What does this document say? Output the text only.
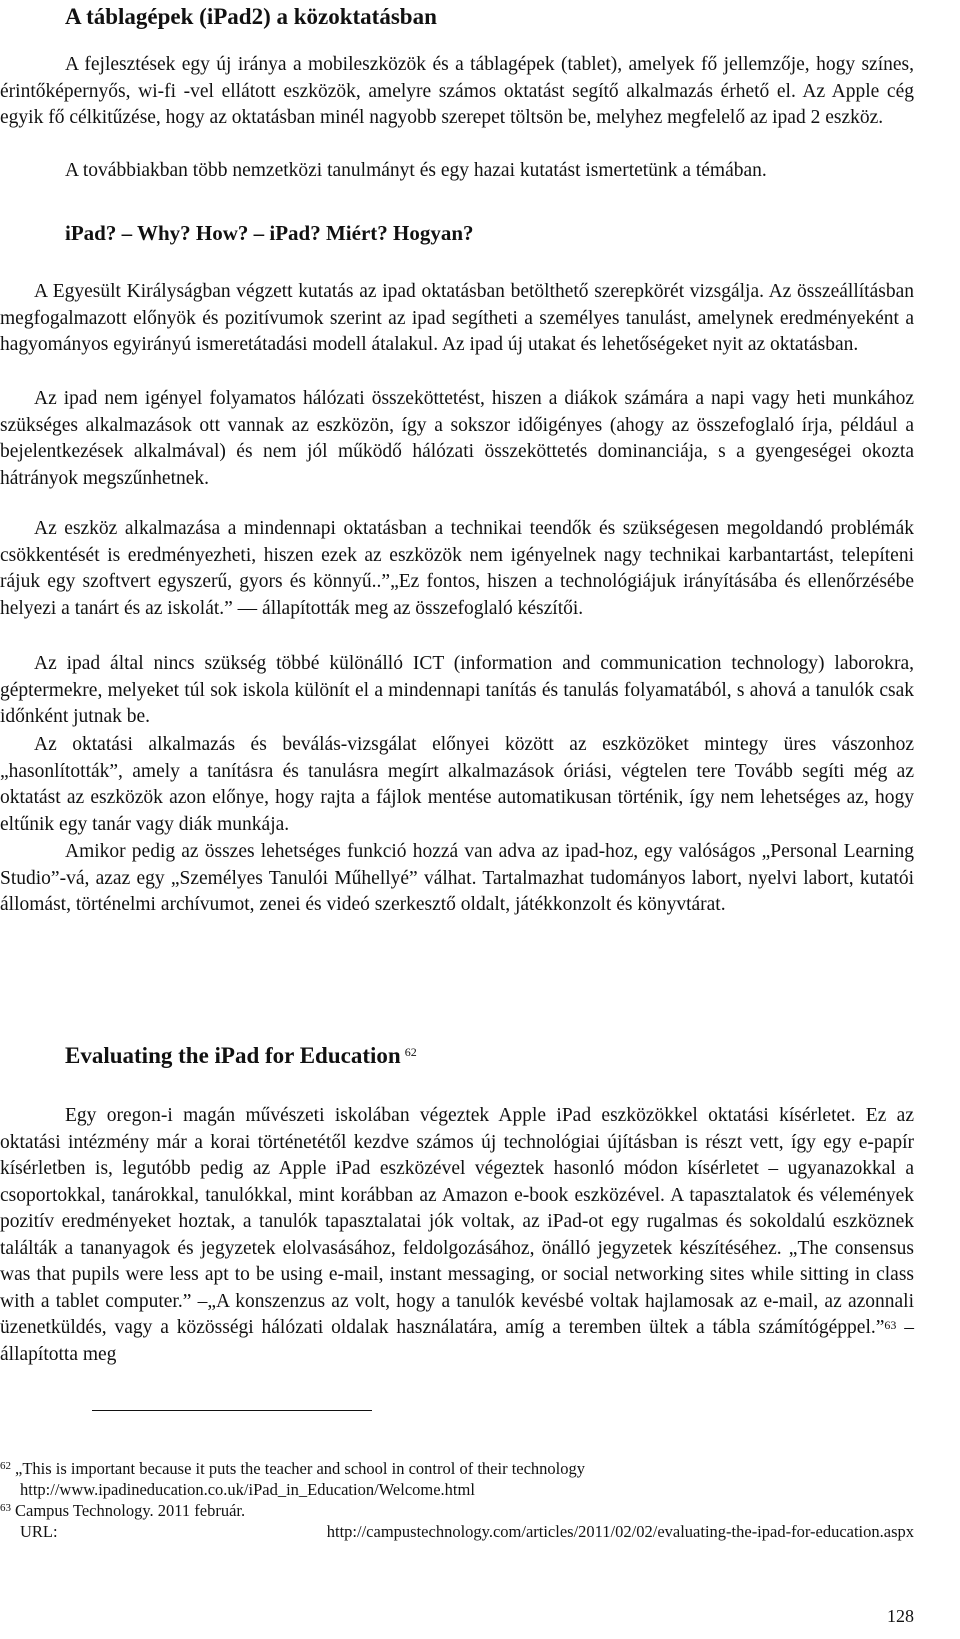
A táblagépek (iPad2) a közoktatásban

A fejlesztések egy új iránya a mobileszközök és a táblagépek (tablet), amelyek fő jellemzője, hogy színes, érintőképernyős, wi-fi -vel ellátott eszközök, amelyre számos oktatást segítő alkalmazás érhető el. Az Apple cég egyik fő célkitűzése, hogy az oktatásban minél nagyobb szerepet töltsön be, melyhez megfelelő az ipad 2 eszköz.

A továbbiakban több nemzetközi tanulmányt és egy hazai kutatást ismertetünk a témában.

iPad? – Why? How? – iPad? Miért? Hogyan?

A Egyesült Királyságban végzett kutatás az ipad oktatásban betölthető szerepkörét vizsgálja. Az összeállításban megfogalmazott előnyök és pozitívumok szerint az ipad segítheti a személyes tanulást, amelynek eredményeként a hagyományos egyirányú ismeretátadási modell átalakul. Az ipad új utakat és lehetőségeket nyit az oktatásban.

Az ipad nem igényel folyamatos hálózati összeköttetést, hiszen a diákok számára a napi vagy heti munkához szükséges alkalmazások ott vannak az eszközön, így a sokszor időigényes (ahogy az összefoglaló írja, például a bejelentkezések alkalmával) és nem jól működő hálózati összeköttetés dominanciája, s a gyengeségei okozta hátrányok megszűnhetnek.

Az eszköz alkalmazása a mindennapi oktatásban a technikai teendők és szükségesen megoldandó problémák csökkentését is eredményezheti, hiszen ezek az eszközök nem igényelnek nagy technikai karbantartást, telepíteni rájuk egy szoftvert egyszerű, gyors és könnyű..”„Ez fontos, hiszen a technológiájuk irányításába és ellenőrzésébe helyezi a tanárt és az iskolát.” –– állapították meg az összefoglaló készítői.

Az ipad által nincs szükség többé különálló ICT (information and communication technology) laborokra, géptermekre, melyeket túl sok iskola különít el a mindennapi tanítás és tanulás folyamatából, s ahová a tanulók csak időnként jutnak be.

Az oktatási alkalmazás és beválás-vizsgálat előnyei között az eszközöket mintegy üres vászonhoz „hasonlították”, amely a tanításra és tanulásra megírt alkalmazások óriási, végtelen tere Tovább segíti még az oktatást az eszközök azon előnye, hogy rajta a fájlok mentése automatikusan történik, így nem lehetséges az, hogy eltűnik egy tanár vagy diák munkája.

Amikor pedig az összes lehetséges funkció hozzá van adva az ipad-hoz, egy valóságos „Personal Learning Studio”-vá, azaz egy „Személyes Tanulói Műhellyé” válhat. Tartalmazhat tudományos labort, nyelvi labort, kutatói állomást, történelmi archívumot, zenei és videó szerkesztő oldalt, játékkonzolt és könyvtárat.

Evaluating the iPad for Education $^{62}$

Egy oregon-i magán művészeti iskolában végeztek Apple iPad eszközökkel oktatási kísérletet. Ez az oktatási intézmény már a korai történetétől kezdve számos új technológiai újításban is részt vett, így egy e-papír kísérletben is, legutóbb pedig az Apple iPad eszközével végeztek hasonló módon kísérletet – ugyanazokkal a csoportokkal, tanárokkal, tanulókkal, mint korábban az Amazon e-book eszközével. A tapasztalatok és vélemények pozitív eredményeket hoztak, a tanulók tapasztalatai jók voltak, az iPad-ot egy rugalmas és sokoldalú eszköznek találták a tananyagok és jegyzetek elolvasásához, feldolgozásához, önálló jegyzetek készítéséhez. „The consensus was that pupils were less apt to be using e-mail, instant messaging, or social networking sites while sitting in class with a tablet computer.” –„A konszenzus az volt, hogy a tanulók kevésbé voltak hajlamosak az e-mail, az azonnali üzenetküldés, vagy a közösségi hálózati oldalak használatára, amíg a teremben ültek a tábla számítógéppel.”$^{63}$ – állapította meg

$^{62}$ „This is important because it puts the teacher and school in control of their technology

http://www.ipadineducation.co.uk/iPad_in_Education/Welcome.html

$^{63}$ Campus Technology. 2011 február.

URL:	http://campustechnology.com/articles/2011/02/02/evaluating-the-ipad-for-education.aspx
128
